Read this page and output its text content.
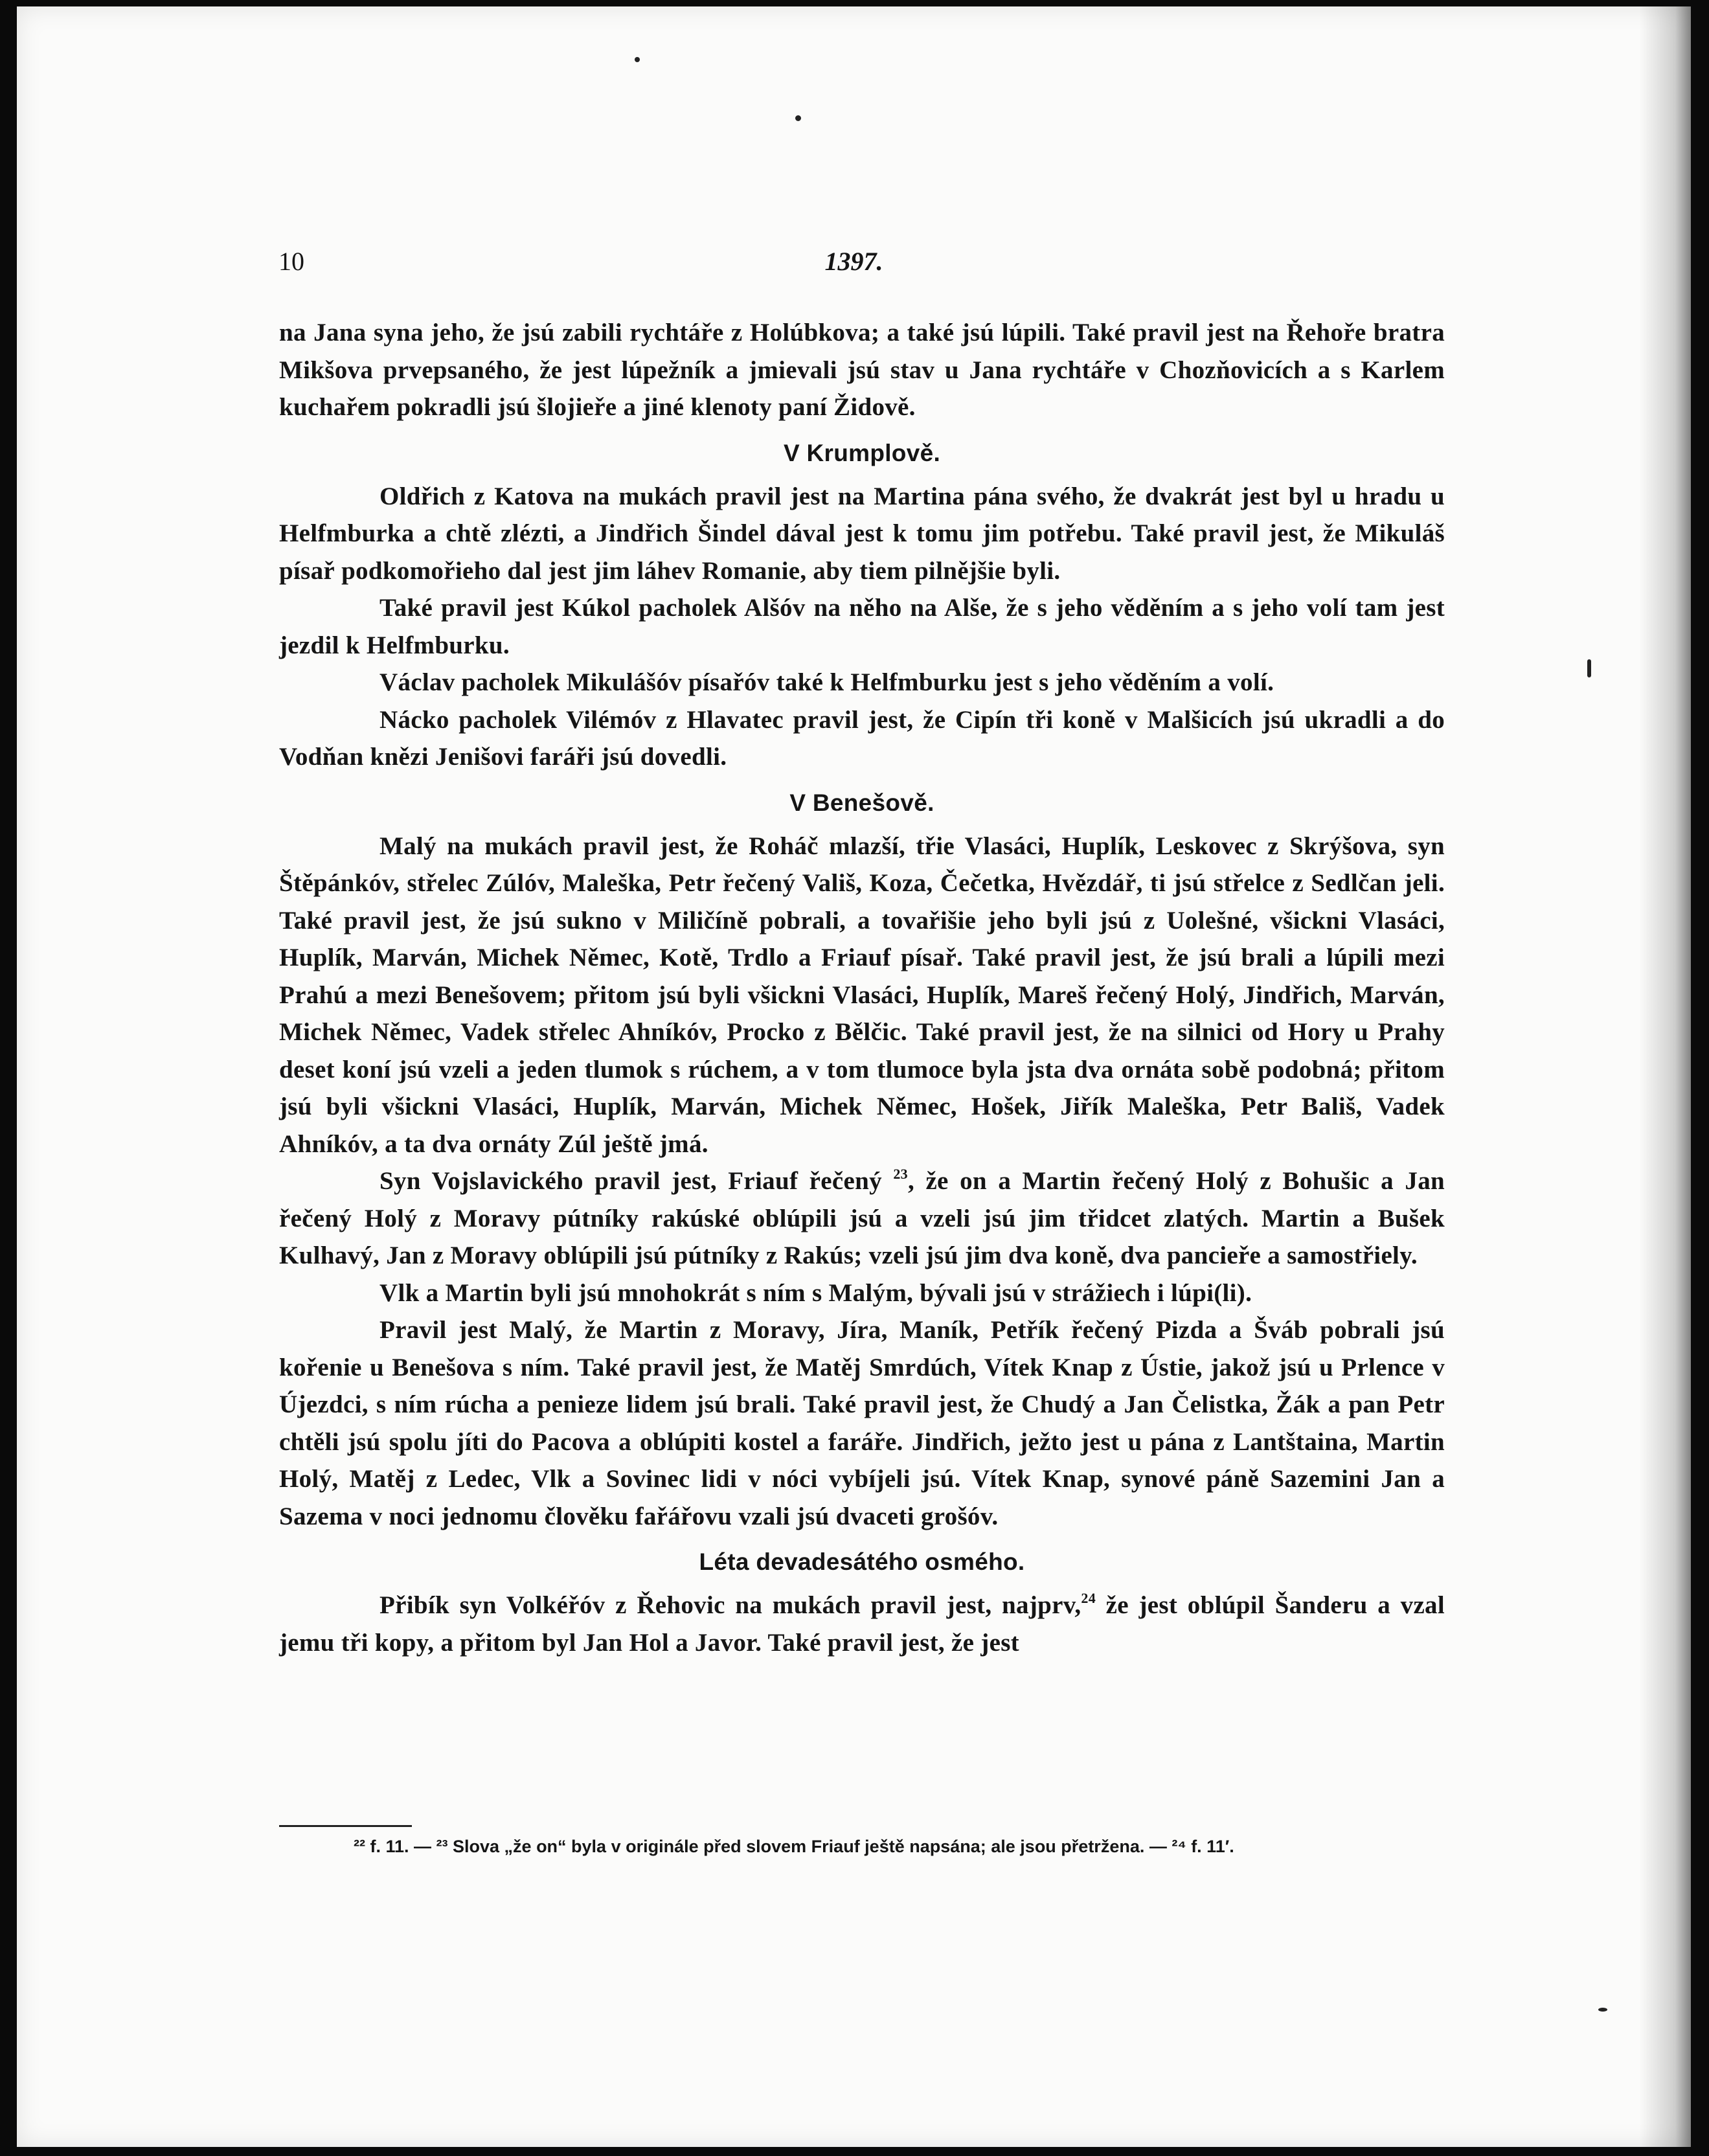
10	1397.

na Jana syna jeho, že jsú zabili rychtáře z Holúbkova; a také jsú lúpili. Také pravil jest na Řehoře bratra Mikšova prvepsaného, že jest lúpežník a jmievali jsú stav u Jana rychtáře v Chozňovicích a s Karlem kuchařem pokradli jsú šlojieře a jiné klenoty paní Židově.

V Krumplově.

Oldřich z Katova na mukách pravil jest na Martina pána svého, že dvakrát jest byl u hradu u Helfmburka a chtě zlézti, a Jindřich Šindel dával jest k tomu jim potřebu. Také pravil jest, že Mikuláš písař podkomořieho dal jest jim láhev Romanie, aby tiem pilnějšie byli.

Také pravil jest Kúkol pacholek Alšóv na něho na Alše, že s jeho věděním a s jeho volí tam jest jezdil k Helfmburku.

Václav pacholek Mikulášóv písařóv také k Helfmburku jest s jeho věděním a volí.

Nácko pacholek Vilémóv z Hlavatec pravil jest, že Cipín tři koně v Malšicích jsú ukradli a do Vodňan knězi Jenišovi faráři jsú dovedli.

V Benešově.

Malý na mukách pravil jest, že Roháč mlazší, třie Vlasáci, Huplík, Leskovec z Skrýšova, syn Štěpánkóv, střelec Zúlóv, Maleška, Petr řečený Vališ, Koza, Čečetka, Hvězdář, ti jsú střelce z Sedlčan jeli. Také pravil jest, že jsú sukno v Miličíně pobrali, a tovařišie jeho byli jsú z Uolešné, všickni Vlasáci, Huplík, Marván, Michek Němec, Kotě, Trdlo a Friauf písař. Také pravil jest, že jsú brali a lúpili mezi Prahú a mezi Benešovem; přitom jsú byli všickni Vlasáci, Huplík, Mareš řečený Holý, Jindřich, Marván, Michek Němec, Vadek střelec Ahníkóv, Procko z Bělčic. Také pravil jest, že na silnici od Hory u Prahy deset koní jsú vzeli a jeden tlumok s rúchem, a v tom tlumoce byla jsta dva ornáta sobě podobná; přitom jsú byli všickni Vlasáci, Huplík, Marván, Michek Němec, Hošek, Jiřík Maleška, Petr Bališ, Vadek Ahníkóv, a ta dva ornáty Zúl ještě jmá.

Syn Vojslavického pravil jest, Friauf řečený $^{23}$, že on a Martin řečený Holý z Bohušic a Jan řečený Holý z Moravy pútníky rakúské oblúpili jsú a vzeli jsú jim třidcet zlatých. Martin a Bušek Kulhavý, Jan z Moravy oblúpili jsú pútníky z Rakús; vzeli jsú jim dva koně, dva pancieře a samostřiely.

Vlk a Martin byli jsú mnohokrát s ním s Malým, bývali jsú v strážiech i lúpi(li).

Pravil jest Malý, že Martin z Moravy, Jíra, Maník, Petřík řečený Pizda a Šváb pobrali jsú kořenie u Benešova s ním. Také pravil jest, že Matěj Smrdúch, Vítek Knap z Ústie, jakož jsú u Prlence v Újezdci, s ním rúcha a penieze lidem jsú brali. Také pravil jest, že Chudý a Jan Čelistka, Žák a pan Petr chtěli jsú spolu jíti do Pacova a oblúpiti kostel a faráře. Jindřich, ježto jest u pána z Lantštaina, Martin Holý, Matěj z Ledec, Vlk a Sovinec lidi v nóci vybíjeli jsú. Vítek Knap, synové páně Sazemini Jan a Sazema v noci jednomu člověku fařářovu vzali jsú dvaceti grošóv.

Léta devadesátého osmého.

Přibík syn Volkéřóv z Řehovic na mukách pravil jest, najprv,$^{24}$ že jest oblúpil Šanderu a vzal jemu tři kopy, a přitom byl Jan Hol a Javor. Také pravil jest, že jest

²² f. 11. — ²³ Slova „že on“ byla v originále před slovem Friauf ještě napsána; ale jsou přetržena. — ²⁴ f. 11′.
